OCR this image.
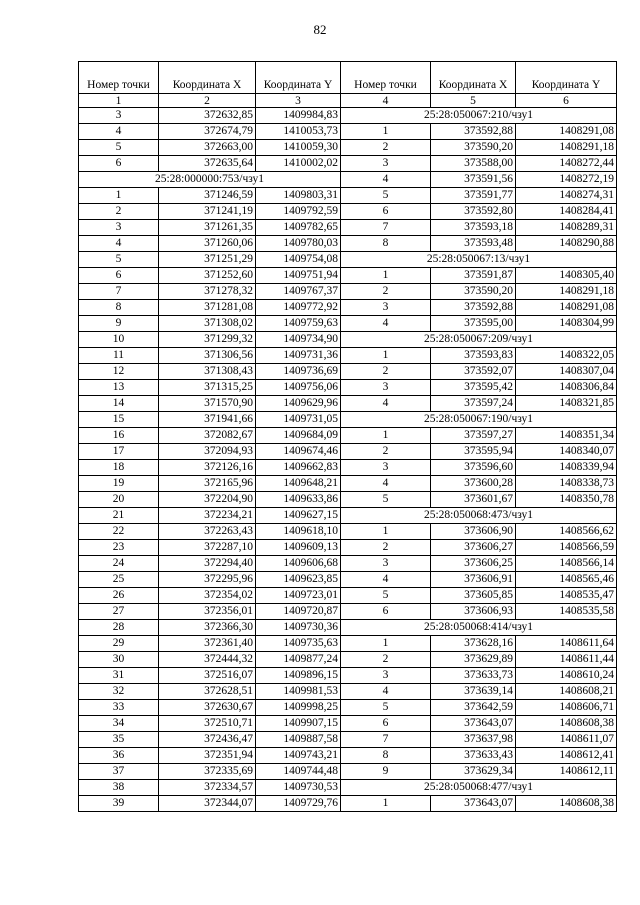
82
Номер точки	Координата X	Координата Y	Номер точки	Координата X	Координата Y
1	2	3	4	5	6
3	372632,85	1409984,83	25:28:050067:210/чзу1		
4	372674,79	1410053,73	1	373592,88	1408291,08
5	372663,00	1410059,30	2	373590,20	1408291,18
6	372635,64	1410002,02	3	373588,00	1408272,44
25:28:000000:753/чзу1			4	373591,56	1408272,19
1	371246,59	1409803,31	5	373591,77	1408274,31
2	371241,19	1409792,59	6	373592,80	1408284,41
3	371261,35	1409782,65	7	373593,18	1408289,31
4	371260,06	1409780,03	8	373593,48	1408290,88
5	371251,29	1409754,08	25:28:050067:13/чзу1		
6	371252,60	1409751,94	1	373591,87	1408305,40
7	371278,32	1409767,37	2	373590,20	1408291,18
8	371281,08	1409772,92	3	373592,88	1408291,08
9	371308,02	1409759,63	4	373595,00	1408304,99
10	371299,32	1409734,90	25:28:050067:209/чзу1		
11	371306,56	1409731,36	1	373593,83	1408322,05
12	371308,43	1409736,69	2	373592,07	1408307,04
13	371315,25	1409756,06	3	373595,42	1408306,84
14	371570,90	1409629,96	4	373597,24	1408321,85
15	371941,66	1409731,05	25:28:050067:190/чзу1		
16	372082,67	1409684,09	1	373597,27	1408351,34
17	372094,93	1409674,46	2	373595,94	1408340,07
18	372126,16	1409662,83	3	373596,60	1408339,94
19	372165,96	1409648,21	4	373600,28	1408338,73
20	372204,90	1409633,86	5	373601,67	1408350,78
21	372234,21	1409627,15	25:28:050068:473/чзу1		
22	372263,43	1409618,10	1	373606,90	1408566,62
23	372287,10	1409609,13	2	373606,27	1408566,59
24	372294,40	1409606,68	3	373606,25	1408566,14
25	372295,96	1409623,85	4	373606,91	1408565,46
26	372354,02	1409723,01	5	373605,85	1408535,47
27	372356,01	1409720,87	6	373606,93	1408535,58
28	372366,30	1409730,36	25:28:050068:414/чзу1		
29	372361,40	1409735,63	1	373628,16	1408611,64
30	372444,32	1409877,24	2	373629,89	1408611,44
31	372516,07	1409896,15	3	373633,73	1408610,24
32	372628,51	1409981,53	4	373639,14	1408608,21
33	372630,67	1409998,25	5	373642,59	1408606,71
34	372510,71	1409907,15	6	373643,07	1408608,38
35	372436,47	1409887,58	7	373637,98	1408611,07
36	372351,94	1409743,21	8	373633,43	1408612,41
37	372335,69	1409744,48	9	373629,34	1408612,11
38	372334,57	1409730,53	25:28:050068:477/чзу1		
39	372344,07	1409729,76	1	373643,07	1408608,38
